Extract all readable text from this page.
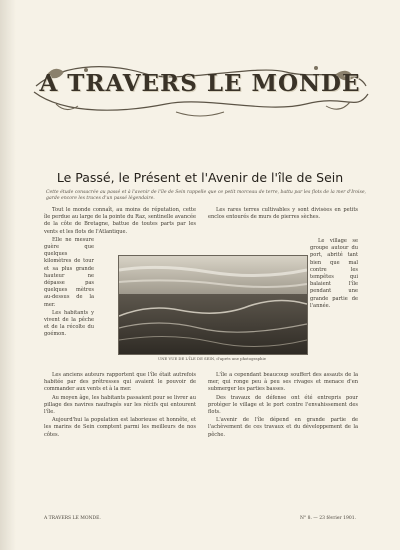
A TRAVERS LE MONDE
Le Passé, le Présent et l'Avenir de l'île de Sein
Cette étude consacrée au passé et à l'avenir de l'île de Sein rappelle que ce petit morceau de terre, battu par les flots de la mer d'Iroise, garde encore les traces d'un passé légendaire.

Tout le monde connaît, au moins de réputation, cette île perdue au large de la pointe du Raz, sentinelle avancée de la côte de Bretagne, battue de toutes parts par les vents et les flots de l'Atlantique.

Elle ne mesure guère que quelques kilomètres de tour et sa plus grande hauteur ne dépasse pas quelques mètres au-dessus de la mer.

Les habitants y vivent de la pêche et de la récolte du goémon.

Les rares terres cultivables y sont divisées en petits enclos entourés de murs de pierres sèches.

Le village se groupe autour du port, abrité tant bien que mal contre les tempêtes qui balaient l'île pendant une grande partie de l'année.

UNE VUE DE L'ÎLE DE SEIN, d'après une photographie

Les anciens auteurs rapportent que l'île était autrefois habitée par des prêtresses qui avaient le pouvoir de commander aux vents et à la mer.

Au moyen âge, les habitants passaient pour se livrer au pillage des navires naufragés sur les récifs qui entourent l'île.

Aujourd'hui la population est laborieuse et honnête, et les marins de Sein comptent parmi les meilleurs de nos côtes.

L'île a cependant beaucoup souffert des assauts de la mer, qui ronge peu à peu ses rivages et menace d'en submerger les parties basses.

Des travaux de défense ont été entrepris pour protéger le village et le port contre l'envahissement des flots.

L'avenir de l'île dépend en grande partie de l'achèvement de ces travaux et du développement de la pêche.

A TRAVERS LE MONDE.	N° 8. — 23 février 1901.
